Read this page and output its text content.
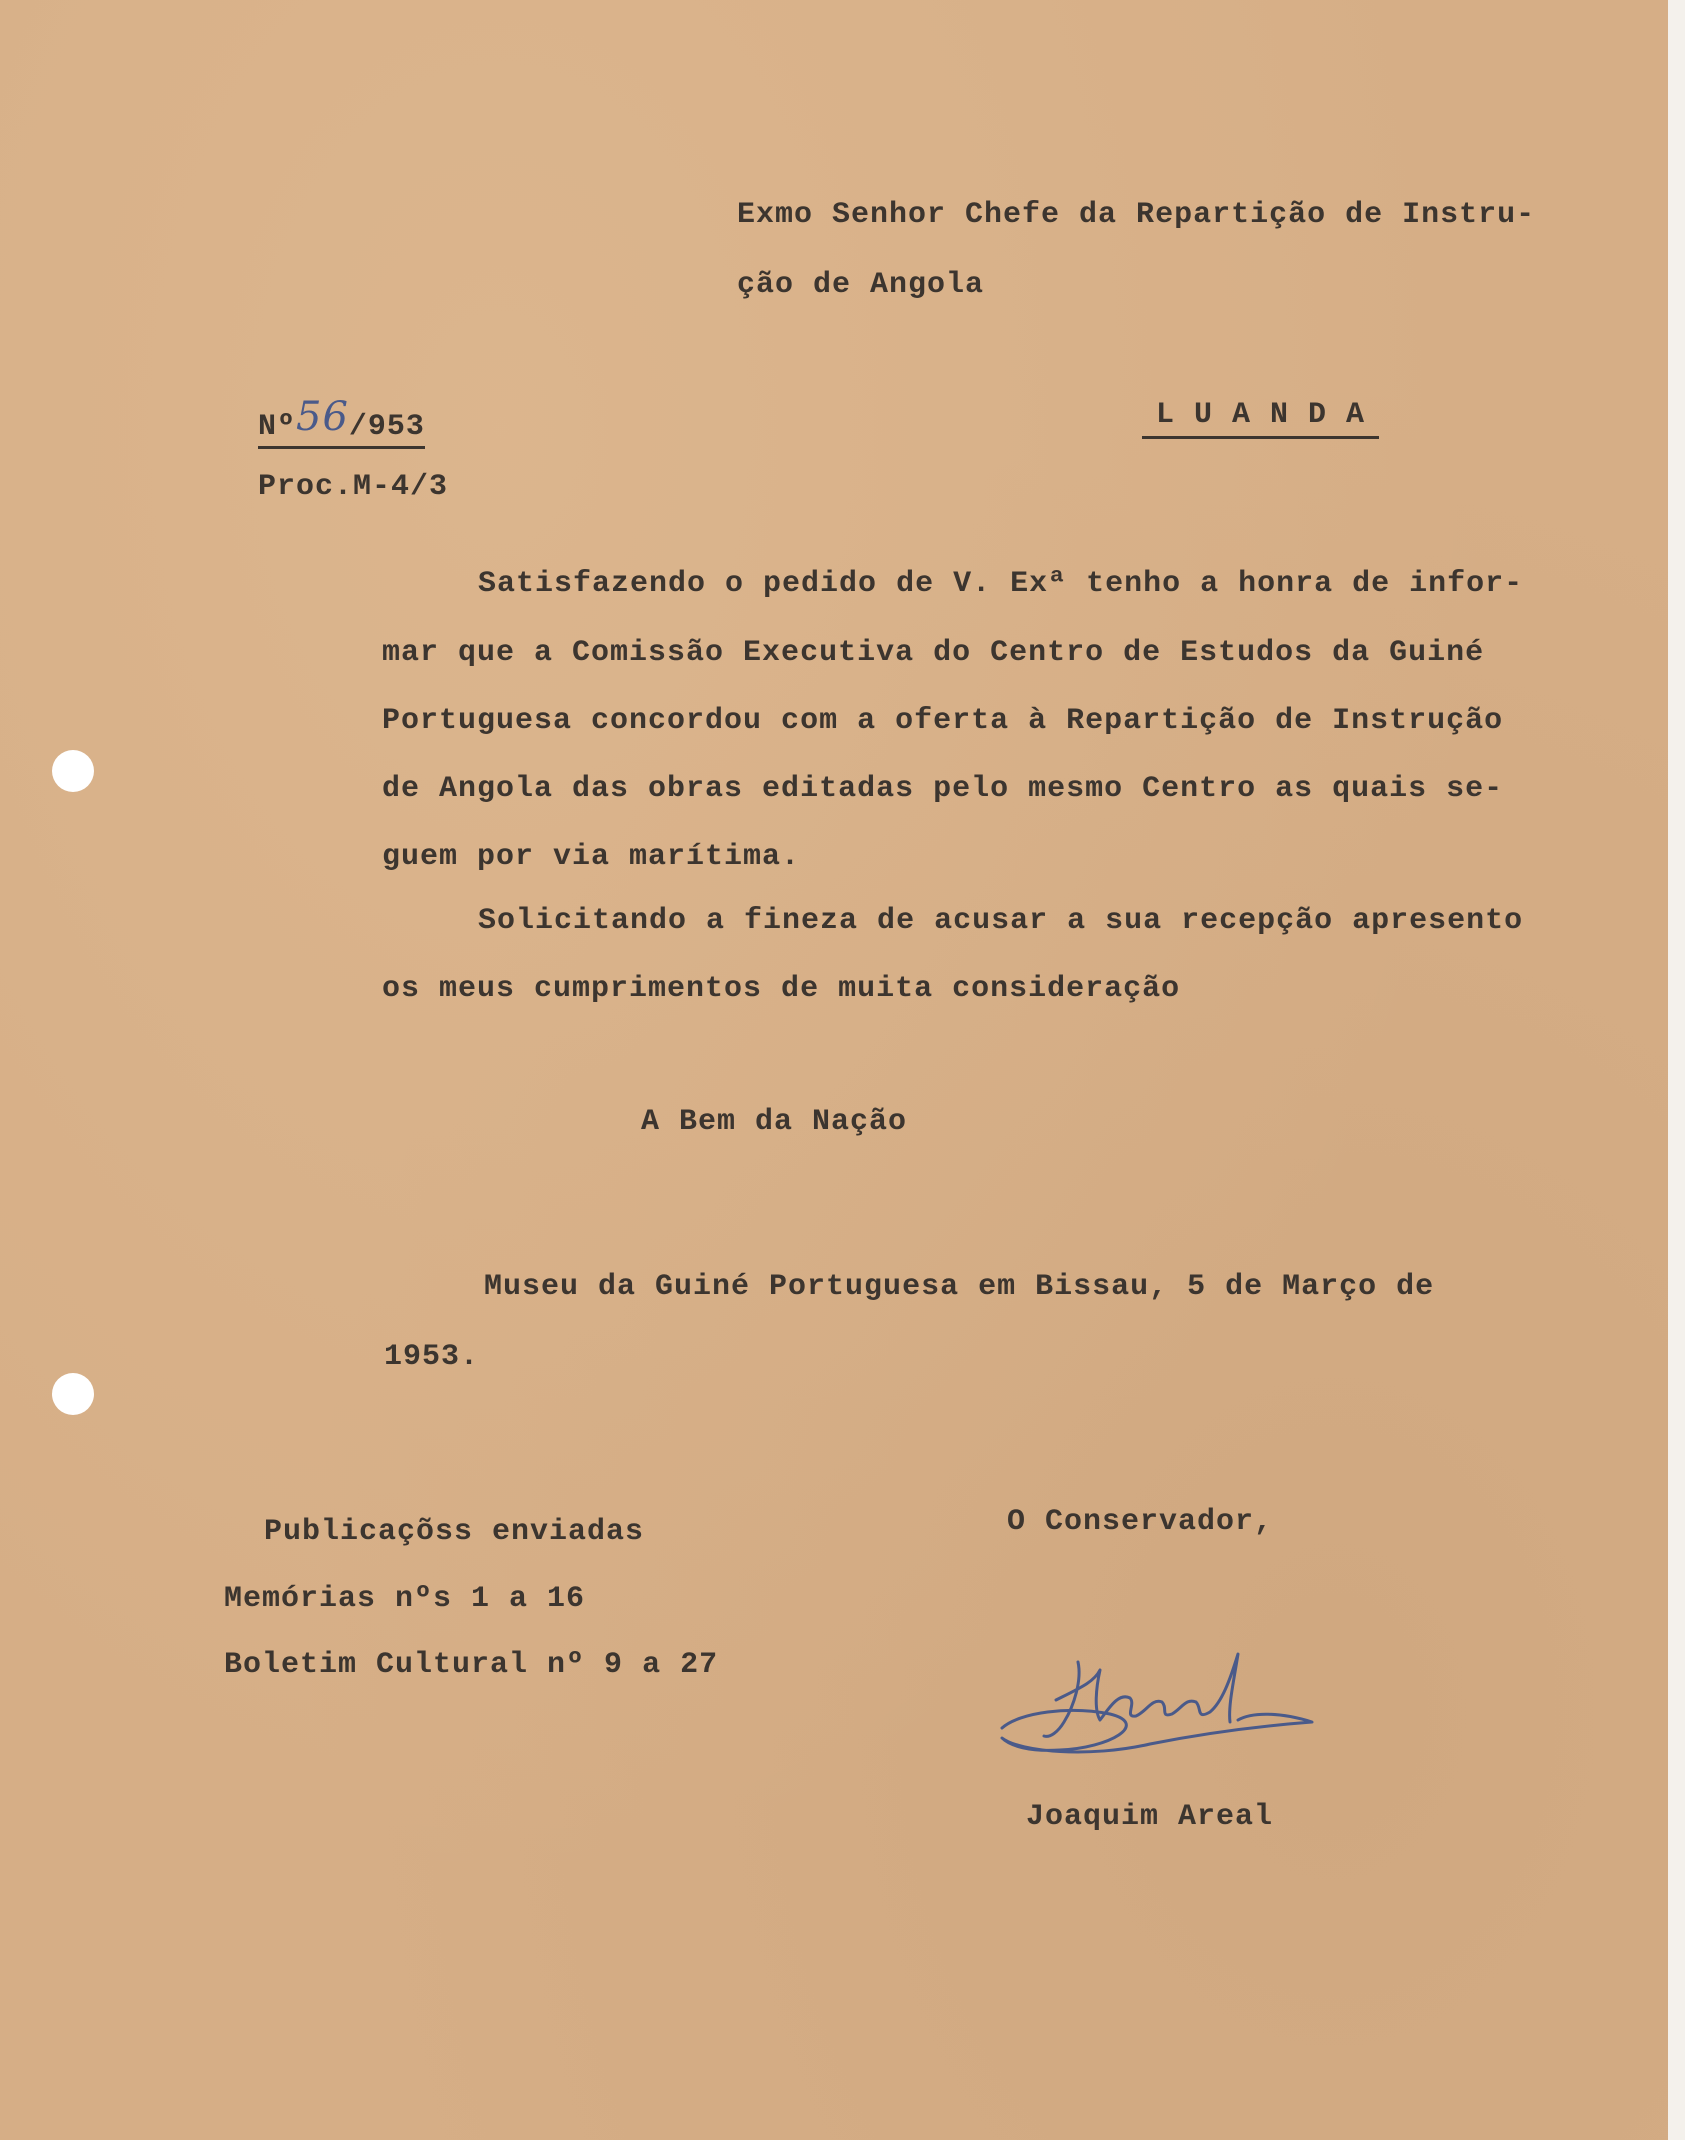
Exmo Senhor Chefe da Repartição de Instru-
ção de Angola
Nº56/953
Proc.M-4/3
L U A N D A
Satisfazendo o pedido de V. Exª tenho a honra de infor-
mar que a Comissão Executiva do Centro de Estudos da Guiné
Portuguesa concordou com a oferta à Repartição de Instrução
de Angola das obras editadas pelo mesmo Centro as quais se-
guem por via marítima.
Solicitando a fineza de acusar a sua recepção apresento
os meus cumprimentos de muita consideração
A Bem da Nação
Museu da Guiné Portuguesa em Bissau, 5 de Março de
1953.
Publicaçõss enviadas
Memórias nºs 1 a 16
Boletim Cultural nº 9 a 27
O Conservador,
Joaquim Areal
